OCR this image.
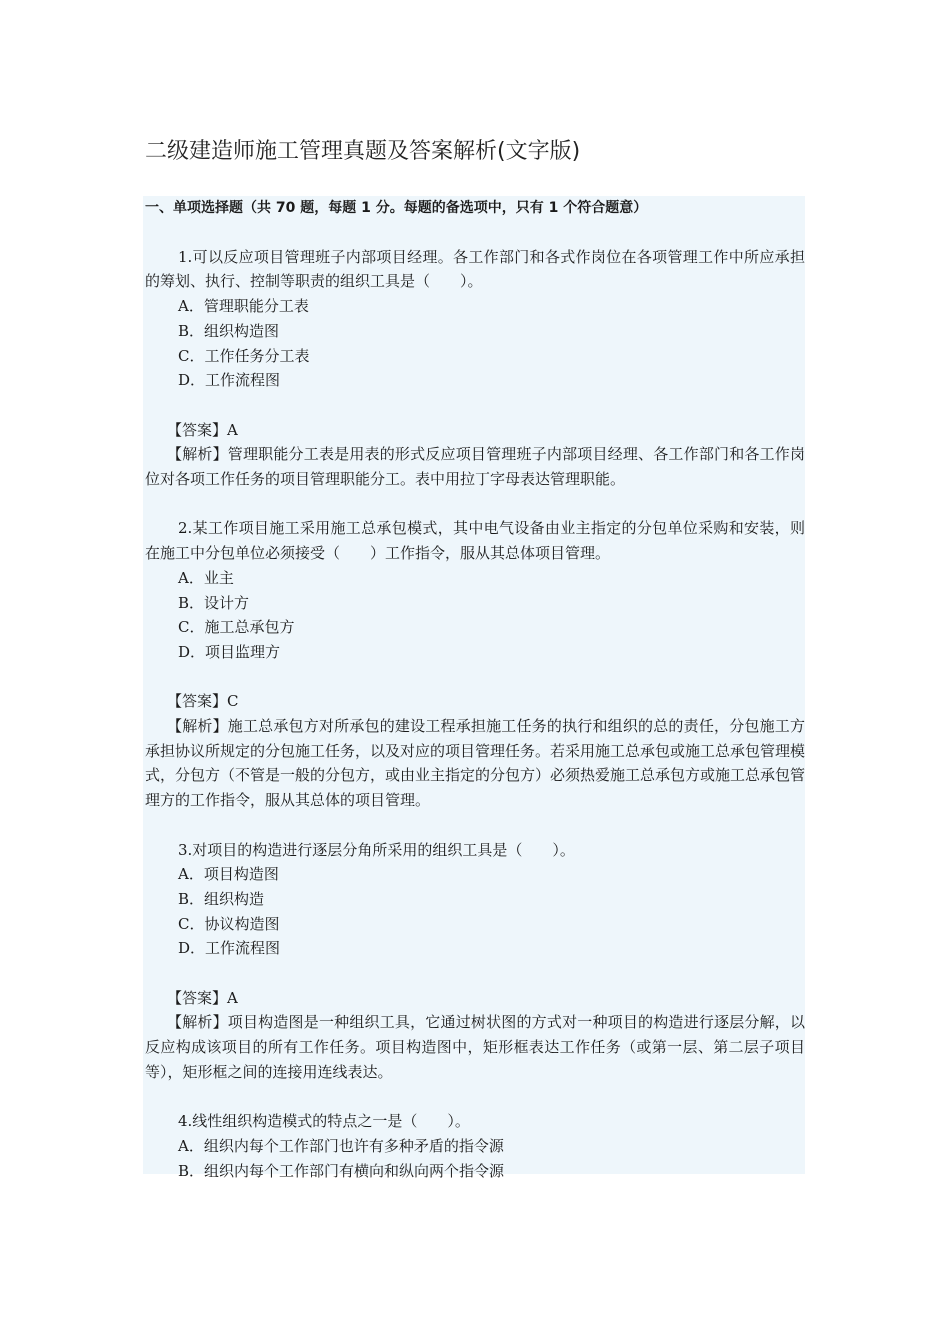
二级建造师施工管理真题及答案解析(文字版)

一、单项选择题（共 70 题，每题 1 分。每题的备选项中，只有 1 个符合题意）

1.可以反应项目管理班子内部项目经理。各工作部门和各式作岗位在各项管理工作中所应承担的筹划、执行、控制等职责的组织工具是（　　）。

A．管理职能分工表

B．组织构造图

C．工作任务分工表

D．工作流程图

【答案】A

【解析】管理职能分工表是用表的形式反应项目管理班子内部项目经理、各工作部门和各工作岗位对各项工作任务的项目管理职能分工。表中用拉丁字母表达管理职能。

2.某工作项目施工采用施工总承包模式，其中电气设备由业主指定的分包单位采购和安装，则在施工中分包单位必须接受（　　）工作指令，服从其总体项目管理。

A．业主

B．设计方

C．施工总承包方

D．项目监理方

【答案】C

【解析】施工总承包方对所承包的建设工程承担施工任务的执行和组织的总的责任，分包施工方承担协议所规定的分包施工任务，以及对应的项目管理任务。若采用施工总承包或施工总承包管理模式，分包方（不管是一般的分包方，或由业主指定的分包方）必须热爱施工总承包方或施工总承包管理方的工作指令，服从其总体的项目管理。

3.对项目的构造进行逐层分角所采用的组织工具是（　　）。

A．项目构造图

B．组织构造

C．协议构造图

D．工作流程图

【答案】A

【解析】项目构造图是一种组织工具，它通过树状图的方式对一种项目的构造进行逐层分解，以反应构成该项目的所有工作任务。项目构造图中，矩形框表达工作任务（或第一层、第二层子项目等），矩形框之间的连接用连线表达。

4.线性组织构造模式的特点之一是（　　）。

A．组织内每个工作部门也许有多种矛盾的指令源

B．组织内每个工作部门有横向和纵向两个指令源
